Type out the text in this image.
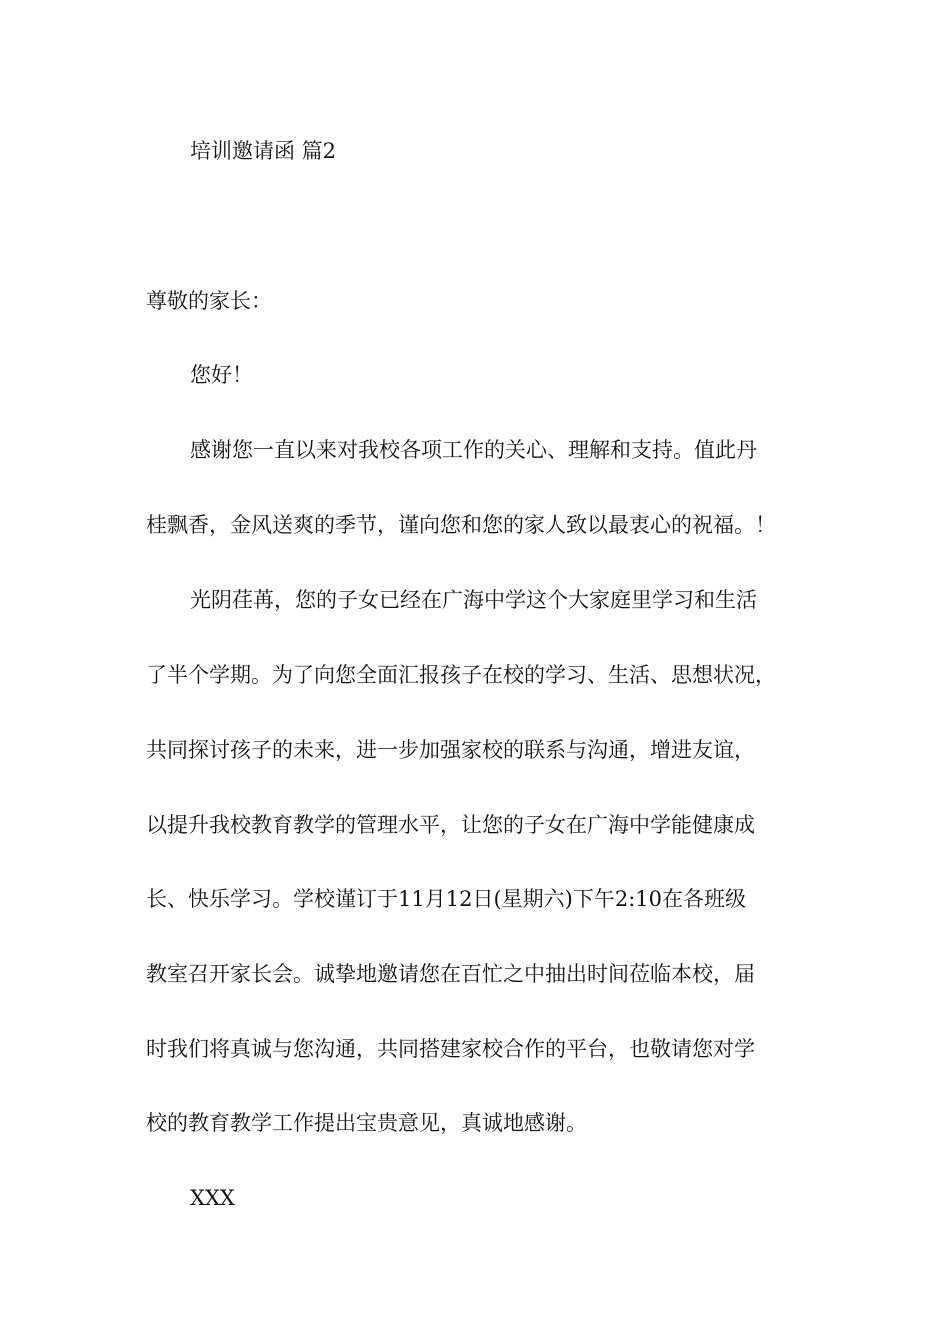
培训邀请函 篇2
尊敬的家长：
您好！
感谢您一直以来对我校各项工作的关心、理解和支持。值此丹
桂飘香，金风送爽的季节，谨向您和您的家人致以最衷心的祝福。！
光阴荏苒，您的子女已经在广海中学这个大家庭里学习和生活
了半个学期。为了向您全面汇报孩子在校的学习、生活、思想状况，
共同探讨孩子的未来，进一步加强家校的联系与沟通，增进友谊，
以提升我校教育教学的管理水平，让您的子女在广海中学能健康成
长、快乐学习。学校谨订于11月12日(星期六)下午2:10在各班级
教室召开家长会。诚挚地邀请您在百忙之中抽出时间莅临本校，届
时我们将真诚与您沟通，共同搭建家校合作的平台，也敬请您对学
校的教育教学工作提出宝贵意见，真诚地感谢。
XXX
